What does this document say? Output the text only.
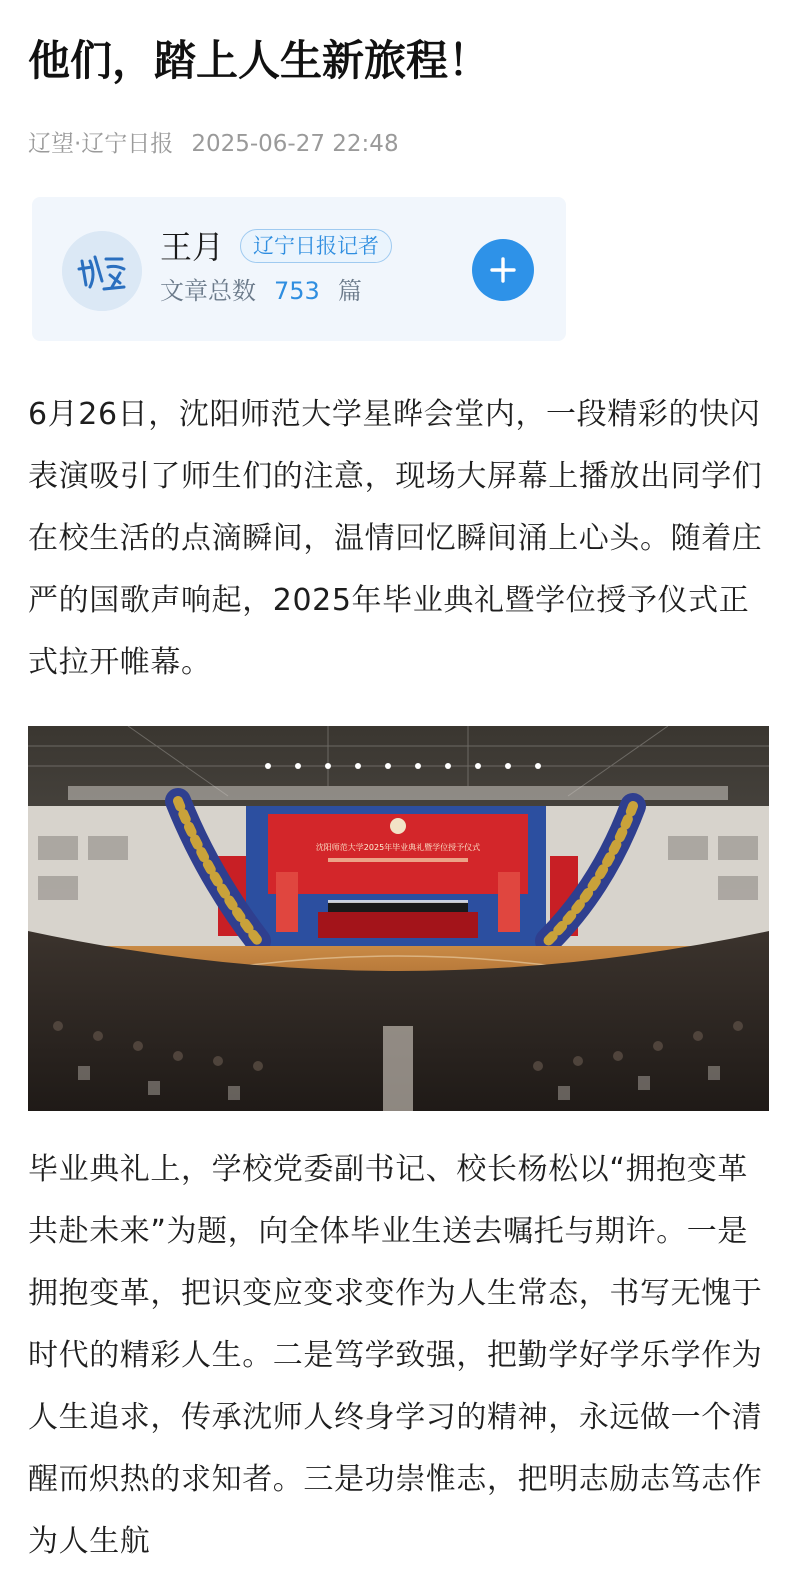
他们，踏上人生新旅程！
辽望·辽宁日报 2025-06-27 22:48
王月	辽宁日报记者
文章总数 753 篇

6月26日，沈阳师范大学星晔会堂内，一段精彩的快闪表演吸引了师生们的注意，现场大屏幕上播放出同学们在校生活的点滴瞬间，温情回忆瞬间涌上心头。随着庄严的国歌声响起，2025年毕业典礼暨学位授予仪式正式拉开帷幕。

沈阳师范大学2025年毕业典礼暨学位授予仪式

毕业典礼上，学校党委副书记、校长杨松以“拥抱变革 共赴未来”为题，向全体毕业生送去嘱托与期许。一是拥抱变革，把识变应变求变作为人生常态，书写无愧于时代的精彩人生。二是笃学致强，把勤学好学乐学作为人生追求，传承沈师人终身学习的精神，永远做一个清醒而炽热的求知者。三是功崇惟志，把明志励志笃志作为人生航
